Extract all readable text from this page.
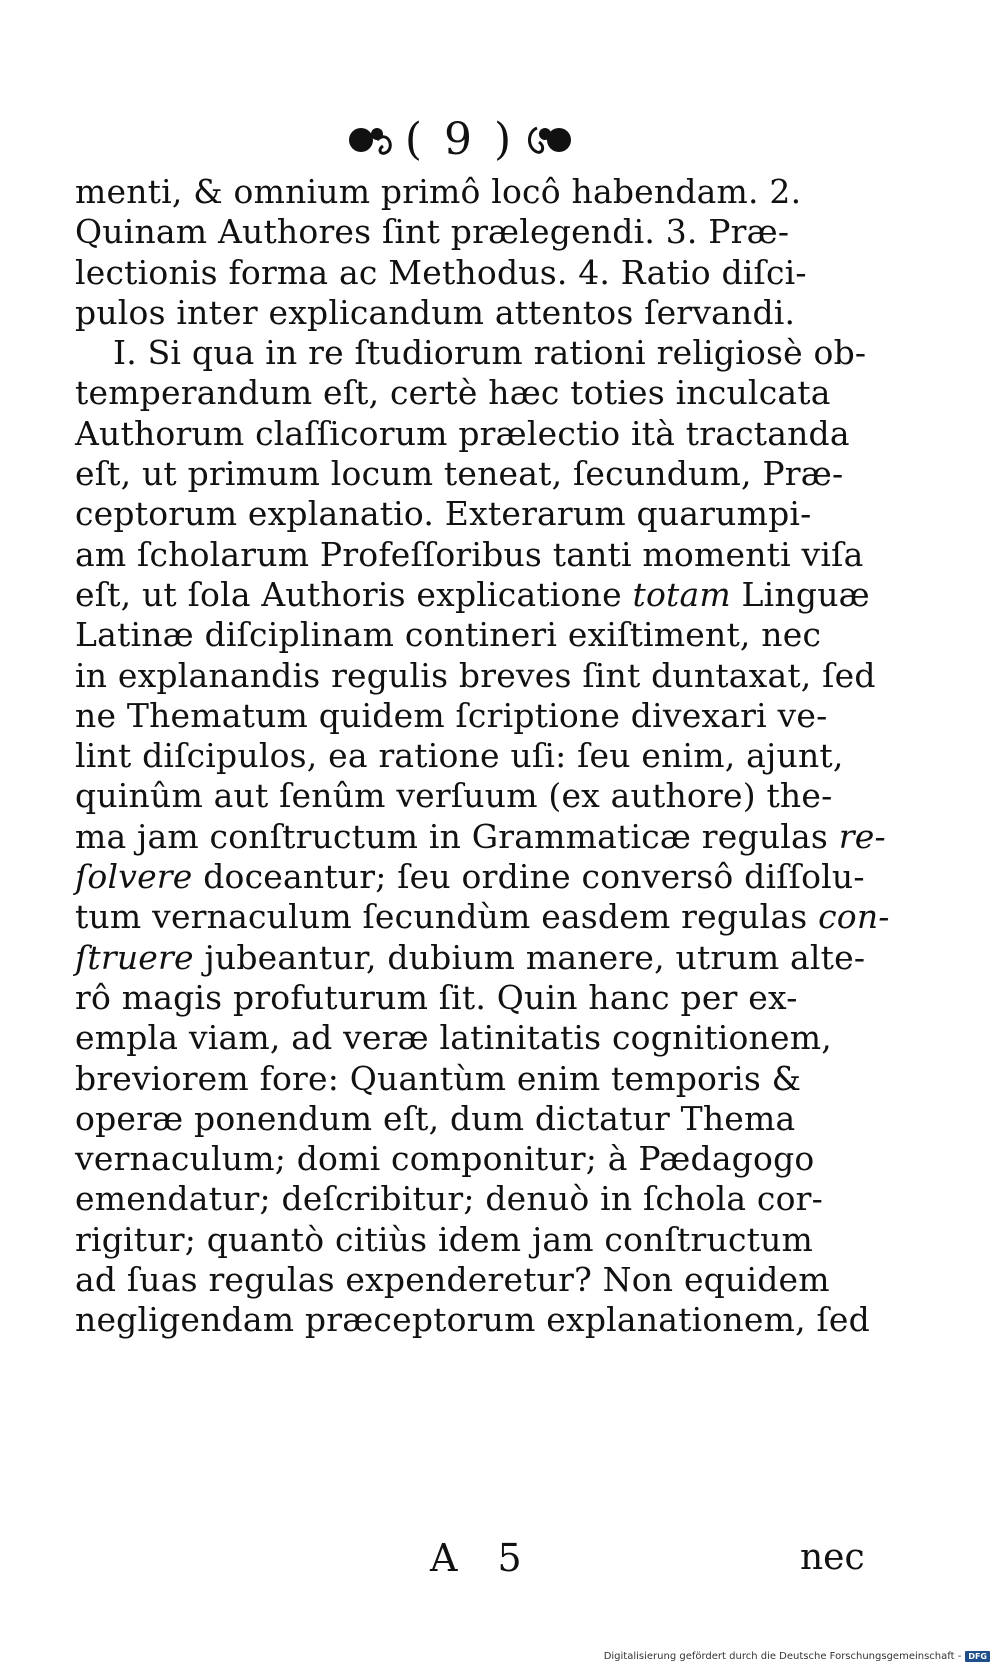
( 9 )
menti, & omnium primô locô habendam. 2.
Quinam Authores ſint prælegendi. 3. Præ-
lectionis forma ac Methodus. 4. Ratio diſci-
pulos inter explicandum attentos ſervandi.
I. Si qua in re ſtudiorum rationi religiosè ob-
temperandum eſt, certè hæc toties inculcata
Authorum claſſicorum prælectio ità tractanda
eſt, ut primum locum teneat, ſecundum, Præ-
ceptorum explanatio. Exterarum quarumpi-
am ſcholarum Profeſſoribus tanti momenti viſa
eſt, ut ſola Authoris explicatione totam Linguæ
Latinæ diſciplinam contineri exiſtiment, nec
in explanandis regulis breves ſint duntaxat, ſed
ne Thematum quidem ſcriptione divexari ve-
lint diſcipulos, ea ratione uſi: ſeu enim, ajunt,
quinûm aut ſenûm verſuum (ex authore) the-
ma jam conſtructum in Grammaticæ regulas re-
ſolvere doceantur; ſeu ordine conversô diſſolu-
tum vernaculum ſecundùm easdem regulas con-
ſtruere jubeantur, dubium manere, utrum alte-
rô magis profuturum ſit. Quin hanc per ex-
empla viam, ad veræ latinitatis cognitionem,
breviorem fore: Quantùm enim temporis &
operæ ponendum eſt, dum dictatur Thema
vernaculum; domi componitur; à Pædagogo
emendatur; deſcribitur; denuò in ſchola cor-
rigitur; quantò citiùs idem jam conſtructum
ad ſuas regulas expenderetur? Non equidem
negligendam præceptorum explanationem, ſed
A 5	nec
Digitalisierung gefördert durch die Deutsche Forschungsgemeinschaft - DFG
